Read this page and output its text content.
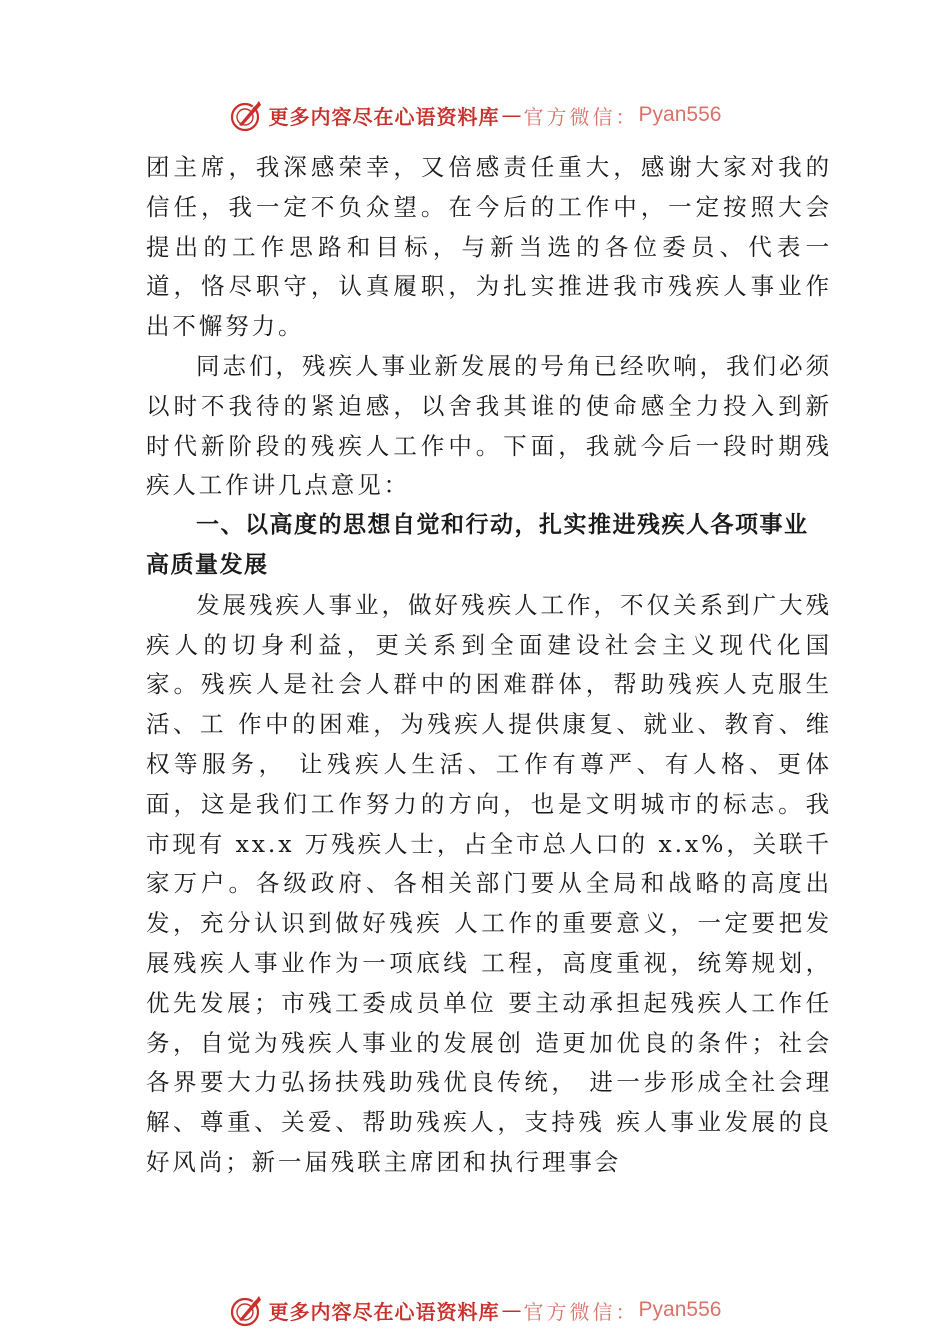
更多内容尽在心语资料库 — 官方微信： Pyan556

团主席，我深感荣幸，又倍感责任重大，感谢大家对我的信任，我一定不负众望。在今后的工作中，一定按照大会提出的工作思路和目标，与新当选的各位委员、代表一道，恪尽职守，认真履职，为扎实推进我市残疾人事业作出不懈努力。

同志们，残疾人事业新发展的号角已经吹响，我们必须以时不我待的紧迫感，以舍我其谁的使命感全力投入到新时代新阶段的残疾人工作中。下面，我就今后一段时期残疾人工作讲几点意见：

一、以高度的思想自觉和行动，扎实推进残疾人各项事业高质量发展

发展残疾人事业，做好残疾人工作，不仅关系到广大残疾人的切身利益，更关系到全面建设社会主义现代化国家。残疾人是社会人群中的困难群体，帮助残疾人克服生活、工 作中的困难，为残疾人提供康复、就业、教育、维权等服务， 让残疾人生活、工作有尊严、有人格、更体面，这是我们工作努力的方向，也是文明城市的标志。我市现有 xx.x 万残疾人士，占全市总人口的 x.x%，关联千家万户。各级政府、各相关部门要从全局和战略的高度出发，充分认识到做好残疾 人工作的重要意义，一定要把发展残疾人事业作为一项底线 工程，高度重视，统筹规划，优先发展；市残工委成员单位 要主动承担起残疾人工作任务，自觉为残疾人事业的发展创 造更加优良的条件；社会各界要大力弘扬扶残助残优良传统， 进一步形成全社会理解、尊重、关爱、帮助残疾人，支持残 疾人事业发展的良好风尚；新一届残联主席团和执行理事会

更多内容尽在心语资料库 — 官方微信： Pyan556
